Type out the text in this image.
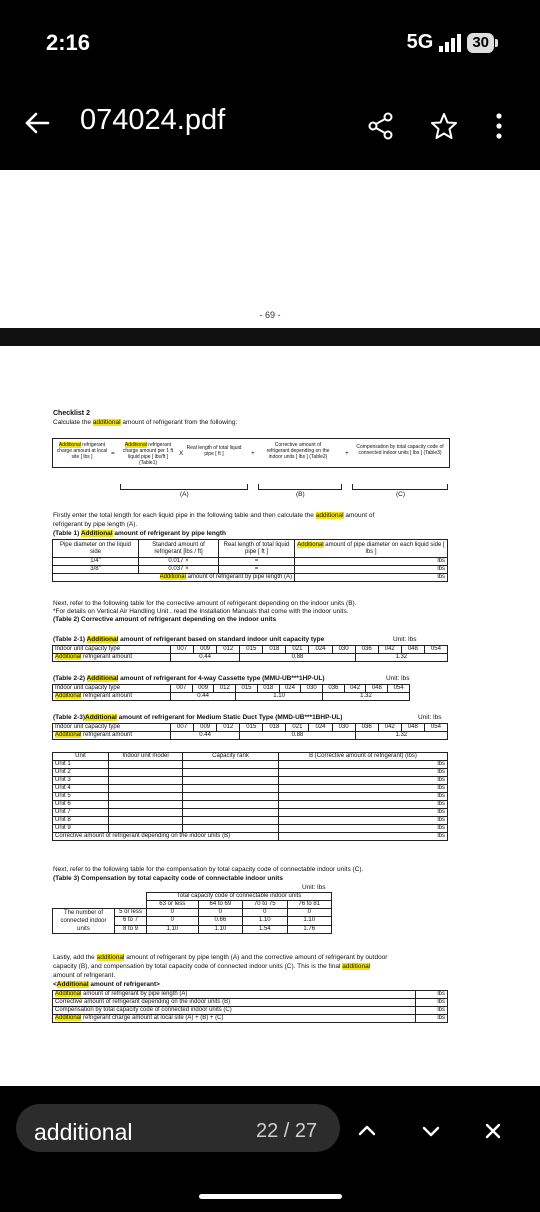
2:16	5G	30
074024.pdf
- 69 -
Checklist 2
Calculate the additional amount of refrigerant from the following:
Additional refrigerant charge amount at local site [ lbs ]	=
Additional refrigerant charge amount per 1 ft liquid pipe [ lbs/ft ] (Table1)
X
Real length of total liquid pipe [ ft ]	+
Corrective amount of refrigerant depending on the indoor units [ lbs ] (Table2)	+
Compensation by total capacity code of connected indoor units [ lbs ] (Table3)
(A)	(B)	(C)
Firstly enter the total length for each liquid pipe in the following table and then calculate the additional amount of
refrigerant by pipe length (A).
(Table 1) Additional amount of refrigerant by pipe length
Pipe diameter on the liquid side	Standard amount of refrigerant [lbs / ft]	Real length of total liquid pipe [ ft ]	Additional amount of pipe diameter on each liquid side [ lbs ]
1/4"	0.017 ×	=	lbs
3/8"	0.037 ×	=	lbs
Additional amount of refrigerant by pipe length (A)			lbs
Next, refer to the following table for the corrective amount of refrigerant depending on the indoor units (B).
*For details on Vertical Air Handling Unit , read the Installation Manuals that come with the indoor units.
(Table 2) Corrective amount of refrigerant depending on the indoor units
(Table 2-1) Additional amount of refrigerant based on standard indoor unit capacity type	Unit: lbs
Indoor unit capacity type	007	009	012	015	018	021	024	030	036	042	048	054
Additional refrigerant amount	0.44			0.88					1.32			
(Table 2-2) Additional amount of refrigerant for 4-way Cassette type (MMU-UB***1HP-UL)	Unit: lbs
Indoor unit capacity type	007	009	012	015	018	024	030	036	042	048	054
Additional refrigerant amount	0.44			1.10				1.32			
(Table 2-3)Additional amount of refrigerant for Medium Static Duct Type (MMD-UB***1BHP-UL)	Unit: lbs
Indoor unit capacity type	007	009	012	015	018	021	024	030	036	042	048	054
Additional refrigerant amount	0.44			0.88					1.32			
Unit	Indoor unit model	Capacity rank	B (Corrective amount of refrigerant) (lbs)
Unit 1			lbs
Unit 2			lbs
Unit 3			lbs
Unit 4			lbs
Unit 5			lbs
Unit 6			lbs
Unit 7			lbs
Unit 8			lbs
Unit 9			lbs
Corrective amount of refrigerant depending on the indoor units (B)			lbs
Next, refer to the following table for the compensation by total capacity code of connectable indoor units (C).
(Table 3) Compensation by total capacity code of connectable indoor units
Unit: lbs
		Total capacity code of connectable indoor units			
		63 or less	64 to 69	70 to 75	76 to 81
The number of connected indoor units	5 or less	0	0	0	0
	6 to 7	0	0.66	1.10	1.10
	8 to 9	1.10	1.10	1.54	1.76
Lastly, add the additional amount of refrigerant by pipe length (A) and the corrective amount of refrigerant by outdoor
capacity (B), and compensation by total capacity code of connected indoor units (C). This is the final additional
amount of refrigerant.
<Additional amount of refrigerant>
Additional amount of refrigerant by pipe length (A)	lbs
Corrective amount of refrigerant depending on the indoor units (B)	lbs
Compensation by total capacity code of connected indoor units (C)	lbs
Additional refrigerant charge amount at local site (A) + (B) + (C)	lbs
additional	22 / 27
